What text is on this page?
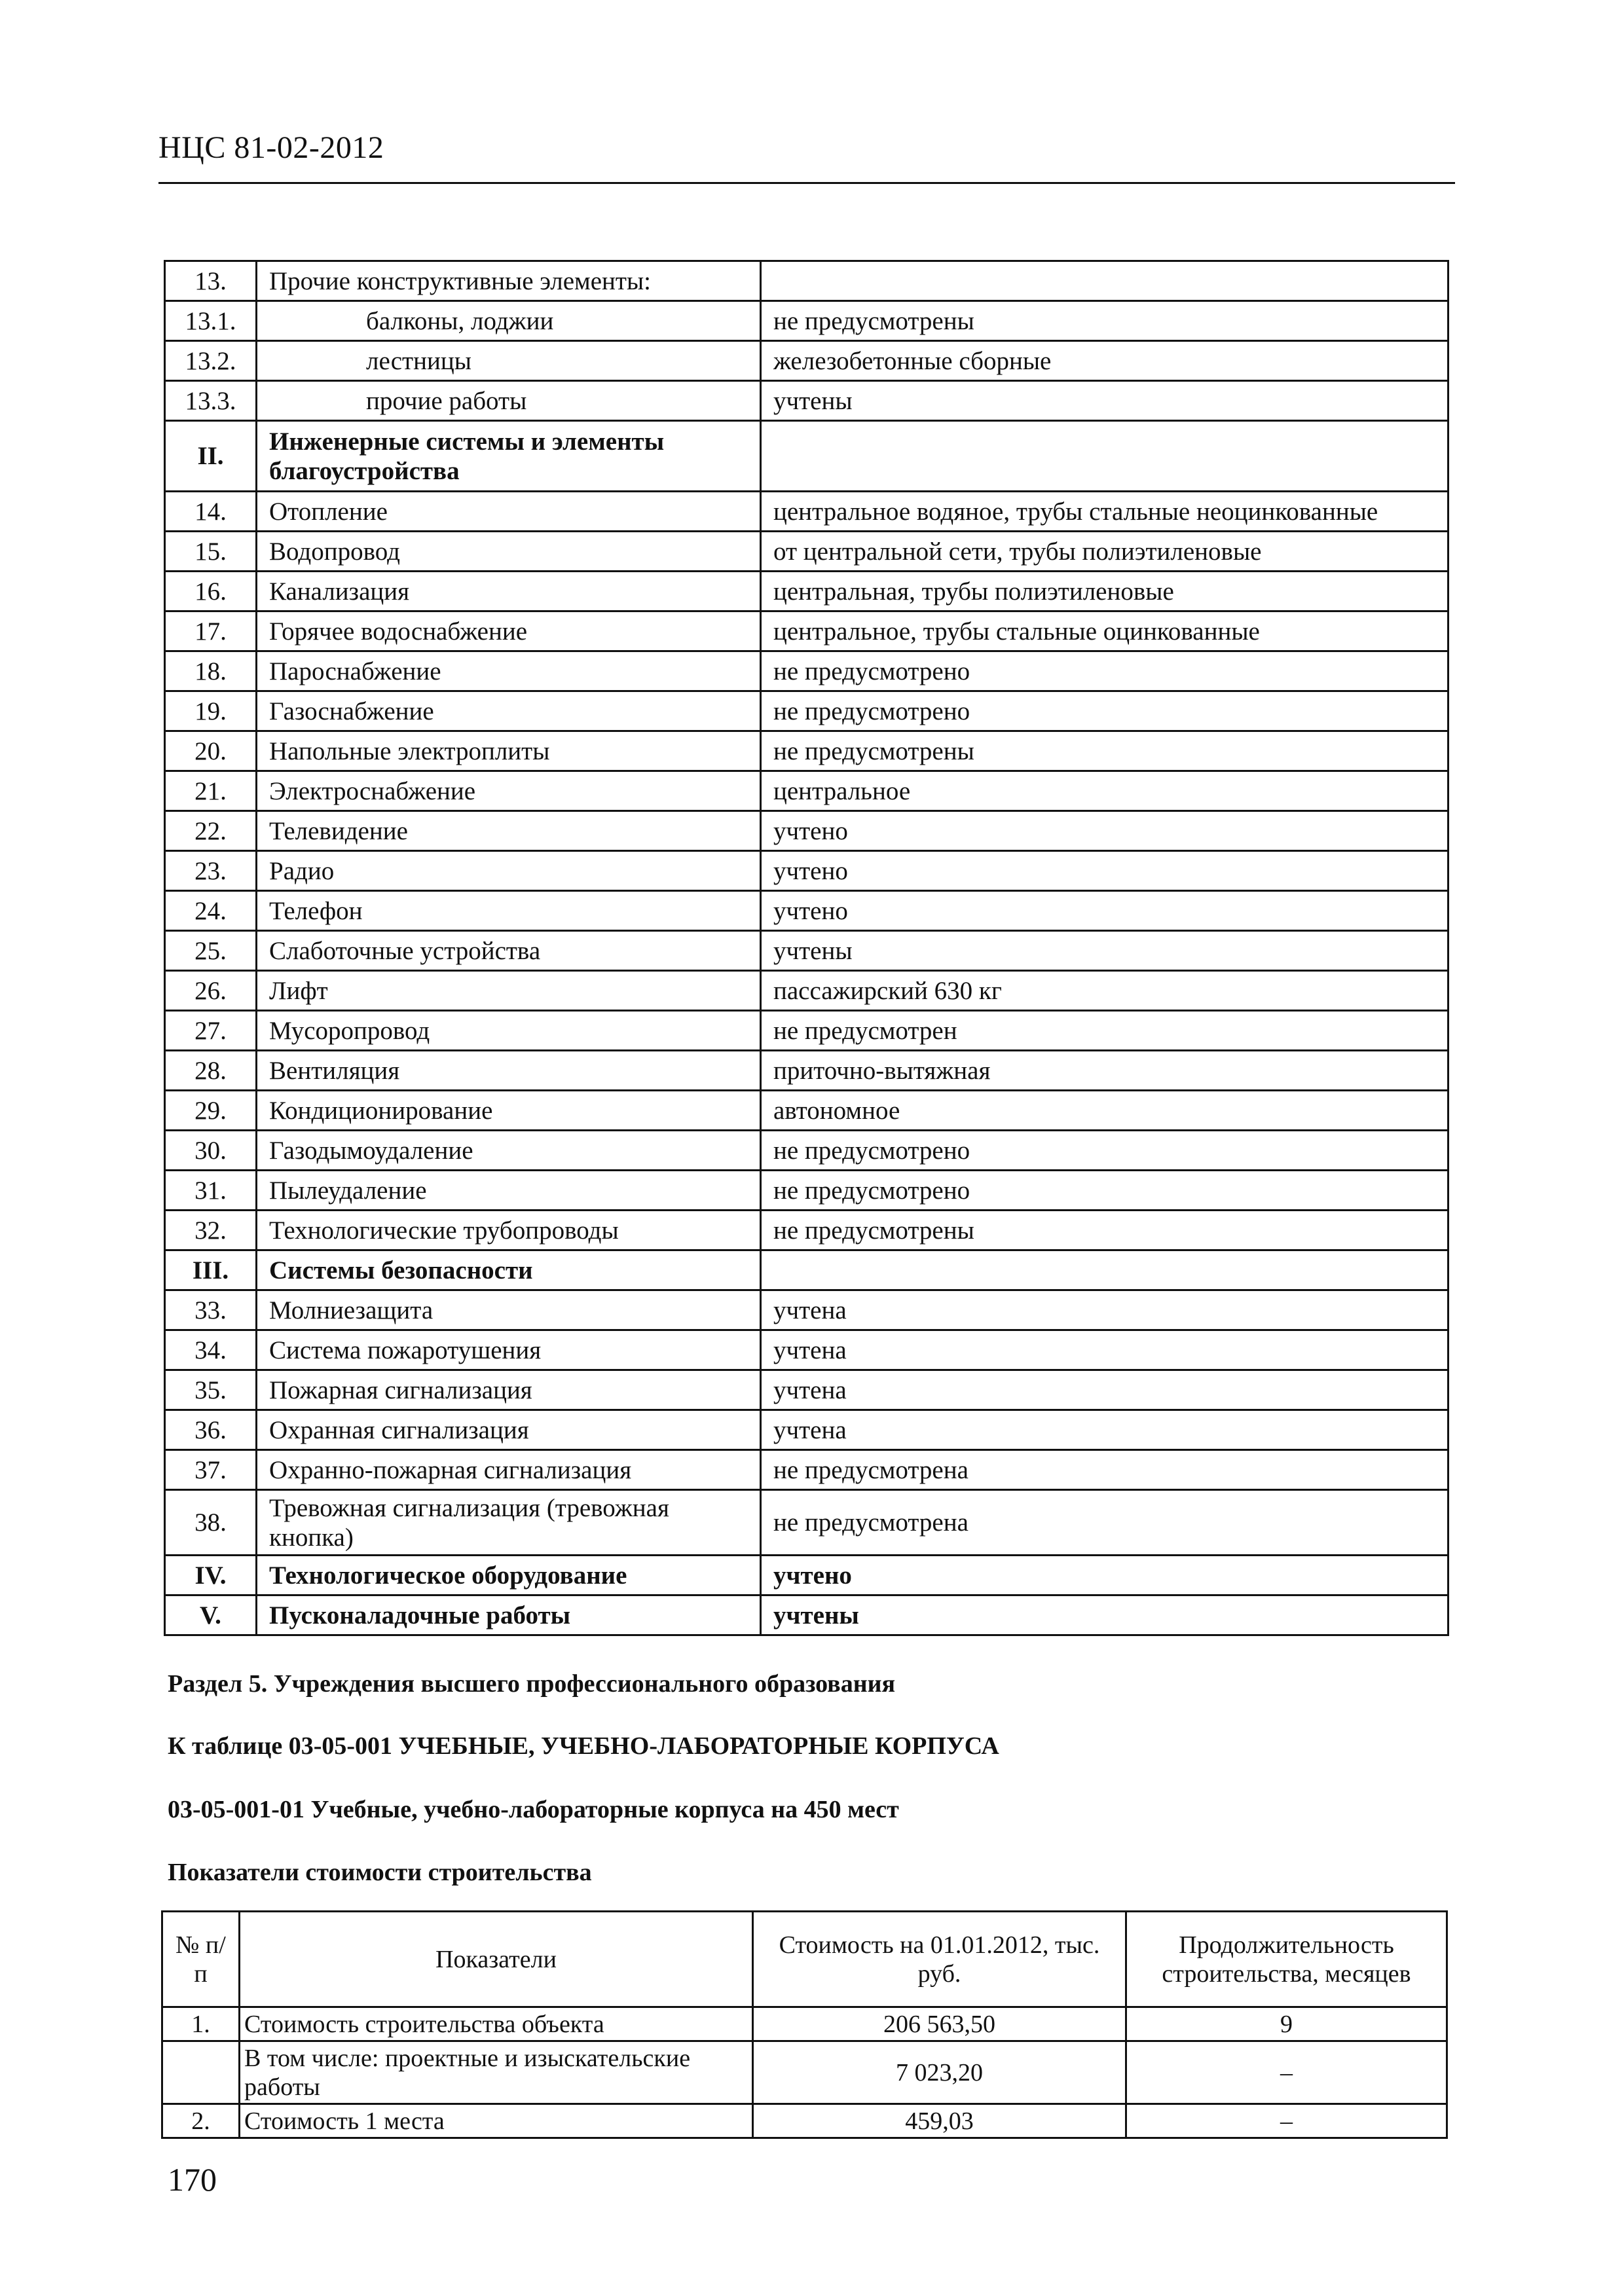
НЦС 81-02-2012
13.	Прочие конструктивные элементы:	
13.1.	балконы, лоджии	не предусмотрены
13.2.	лестницы	железобетонные сборные
13.3.	прочие работы	учтены
II.	Инженерные системы и элементы благоустройства	
14.	Отопление	центральное водяное, трубы стальные неоцинкованные
15.	Водопровод	от центральной сети, трубы полиэтиленовые
16.	Канализация	центральная, трубы полиэтиленовые
17.	Горячее водоснабжение	центральное, трубы стальные оцинкованные
18.	Пароснабжение	не предусмотрено
19.	Газоснабжение	не предусмотрено
20.	Напольные электроплиты	не предусмотрены
21.	Электроснабжение	центральное
22.	Телевидение	учтено
23.	Радио	учтено
24.	Телефон	учтено
25.	Слаботочные устройства	учтены
26.	Лифт	пассажирский 630 кг
27.	Мусоропровод	не предусмотрен
28.	Вентиляция	приточно-вытяжная
29.	Кондиционирование	автономное
30.	Газодымоудаление	не предусмотрено
31.	Пылеудаление	не предусмотрено
32.	Технологические трубопроводы	не предусмотрены
III.	Системы безопасности	
33.	Молниезащита	учтена
34.	Система пожаротушения	учтена
35.	Пожарная сигнализация	учтена
36.	Охранная сигнализация	учтена
37.	Охранно-пожарная сигнализация	не предусмотрена
38.	Тревожная сигнализация (тревожная кнопка)	не предусмотрена
IV.	Технологическое оборудование	учтено
V.	Пусконаладочные работы	учтены
Раздел 5. Учреждения высшего профессионального образования
К таблице 03-05-001 УЧЕБНЫЕ, УЧЕБНО-ЛАБОРАТОРНЫЕ КОРПУСА
03-05-001-01 Учебные, учебно-лабораторные корпуса на 450 мест
Показатели стоимости строительства
№ п/п	Показатели	Стоимость на 01.01.2012, тыс. руб.	Продолжительность строительства, месяцев
1.	Стоимость строительства объекта	206 563,50	9
	В том числе: проектные и изыскательские работы	7 023,20	–
2.	Стоимость 1 места	459,03	–
170
